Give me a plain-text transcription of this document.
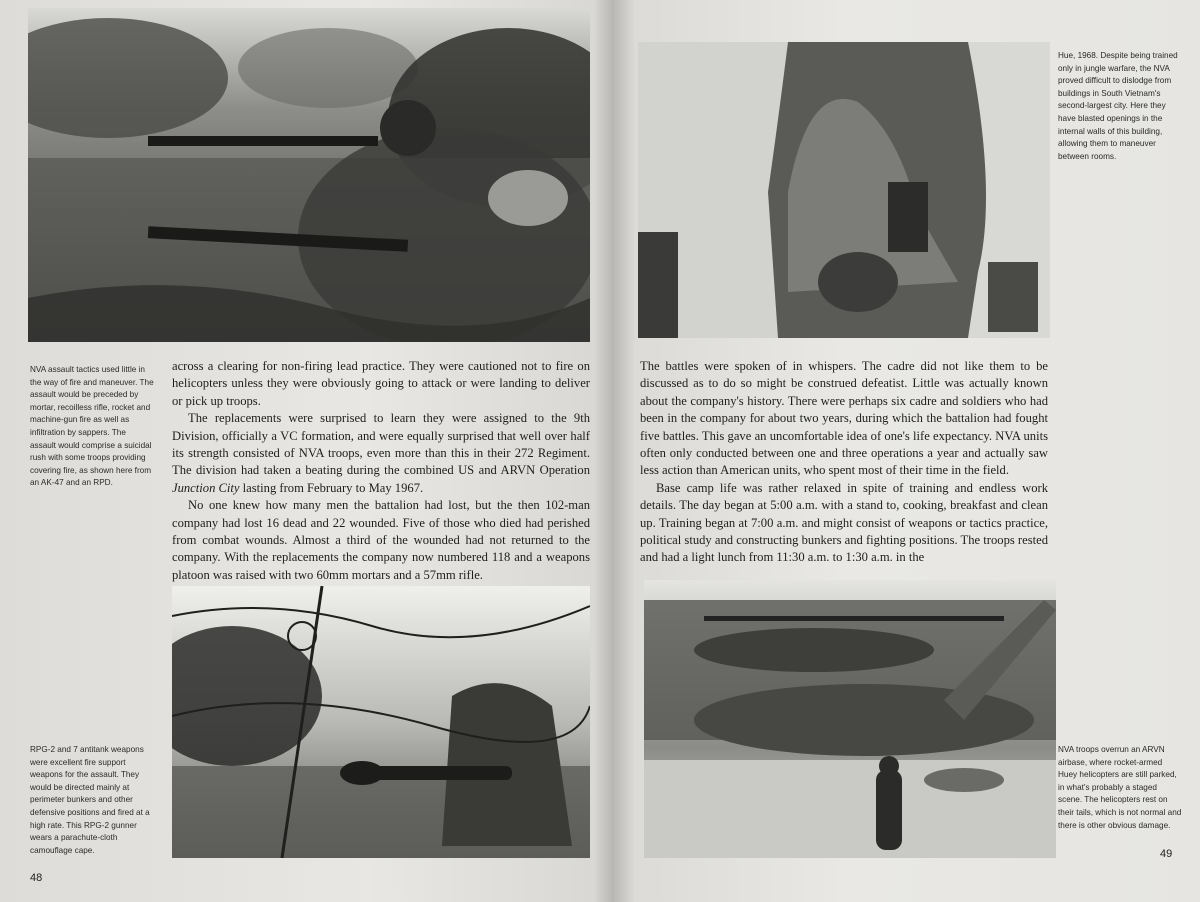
NVA assault tactics used little in the way of fire and maneuver. The assault would be preceded by mortar, recoilless rifle, rocket and machine-gun fire as well as infiltration by sappers. The assault would comprise a suicidal rush with some troops providing covering fire, as shown here from an AK-47 and an RPD.

across a clearing for non-firing lead practice. They were cautioned not to fire on helicopters unless they were obviously going to attack or were landing to deliver or pick up troops.

The replacements were surprised to learn they were assigned to the 9th Division, officially a VC formation, and were equally surprised that well over half its strength consisted of NVA troops, even more than this in their 272 Regiment. The division had taken a beating during the combined US and ARVN Operation Junction City lasting from February to May 1967.

No one knew how many men the battalion had lost, but the then 102-man company had lost 16 dead and 22 wounded. Five of those who died had perished from combat wounds. Almost a third of the wounded had not returned to the company. With the replacements the company now numbered 118 and a weapons platoon was raised with two 60mm mortars and a 57mm rifle.

RPG-2 and 7 antitank weapons were excellent fire support weapons for the assault. They would be directed mainly at perimeter bunkers and other defensive positions and fired at a high rate. This RPG-2 gunner wears a parachute-cloth camouflage cape.
48
Hue, 1968. Despite being trained only in jungle warfare, the NVA proved difficult to dislodge from buildings in South Vietnam's second-largest city. Here they have blasted openings in the internal walls of this building, allowing them to maneuver between rooms.

The battles were spoken of in whispers. The cadre did not like them to be discussed as to do so might be construed defeatist. Little was actually known about the company's history. There were perhaps six cadre and soldiers who had been in the company for about two years, during which the battalion had fought five battles. This gave an uncomfortable idea of one's life expectancy. NVA units often only conducted between one and three operations a year and actually saw less action than American units, who spent most of their time in the field.

Base camp life was rather relaxed in spite of training and endless work details. The day began at 5:00 a.m. with a stand to, cooking, breakfast and clean up. Training began at 7:00 a.m. and might consist of weapons or tactics practice, political study and constructing bunkers and fighting positions. The troops rested and had a light lunch from 11:30 a.m. to 1:30 a.m. in the

NVA troops overrun an ARVN airbase, where rocket-armed Huey helicopters are still parked, in what's probably a staged scene. The helicopters rest on their tails, which is not normal and there is other obvious damage.
49
